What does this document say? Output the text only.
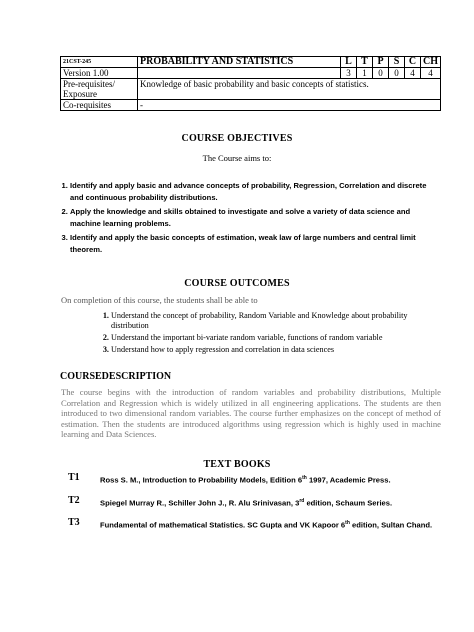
21CST-245	PROBABILITY AND STATISTICS	L	T	P	S	C	CH
Version 1.00		3	1	0	0	4	4
Pre-requisites/ Exposure	Knowledge of basic probability and basic concepts of statistics.						
Co-requisites	-						
COURSE OBJECTIVES
The Course aims to:
1. Identify and apply basic and advance concepts of probability, Regression, Correlation and discrete and continuous probability distributions.
2. Apply the knowledge and skills obtained to investigate and solve a variety of data science and machine learning problems.
3. Identify and apply the basic concepts of estimation, weak law of large numbers and central limit theorem.
COURSE OUTCOMES
On completion of this course, the students shall be able to
1. Understand the concept of probability, Random Variable and Knowledge about probability distribution
2. Understand the important bi-variate random variable, functions of random variable
3. Understand how to apply regression and correlation in data sciences
COURSEDESCRIPTION
The course begins with the introduction of random variables and probability distributions, Multiple Correlation and Regression which is widely utilized in all engineering applications. The students are then introduced to two dimensional random variables. The course further emphasizes on the concept of method of estimation. Then the students are introduced algorithms using regression which is highly used in machine learning and Data Sciences.
TEXT BOOKS
T1	Ross S. M., Introduction to Probability Models, Edition 6th 1997, Academic Press.
T2	Spiegel Murray R., Schiller John J., R. Alu Srinivasan, 3rd edition, Schaum Series.
T3	Fundamental of mathematical Statistics. SC Gupta and VK Kapoor 6th edition, Sultan Chand.
